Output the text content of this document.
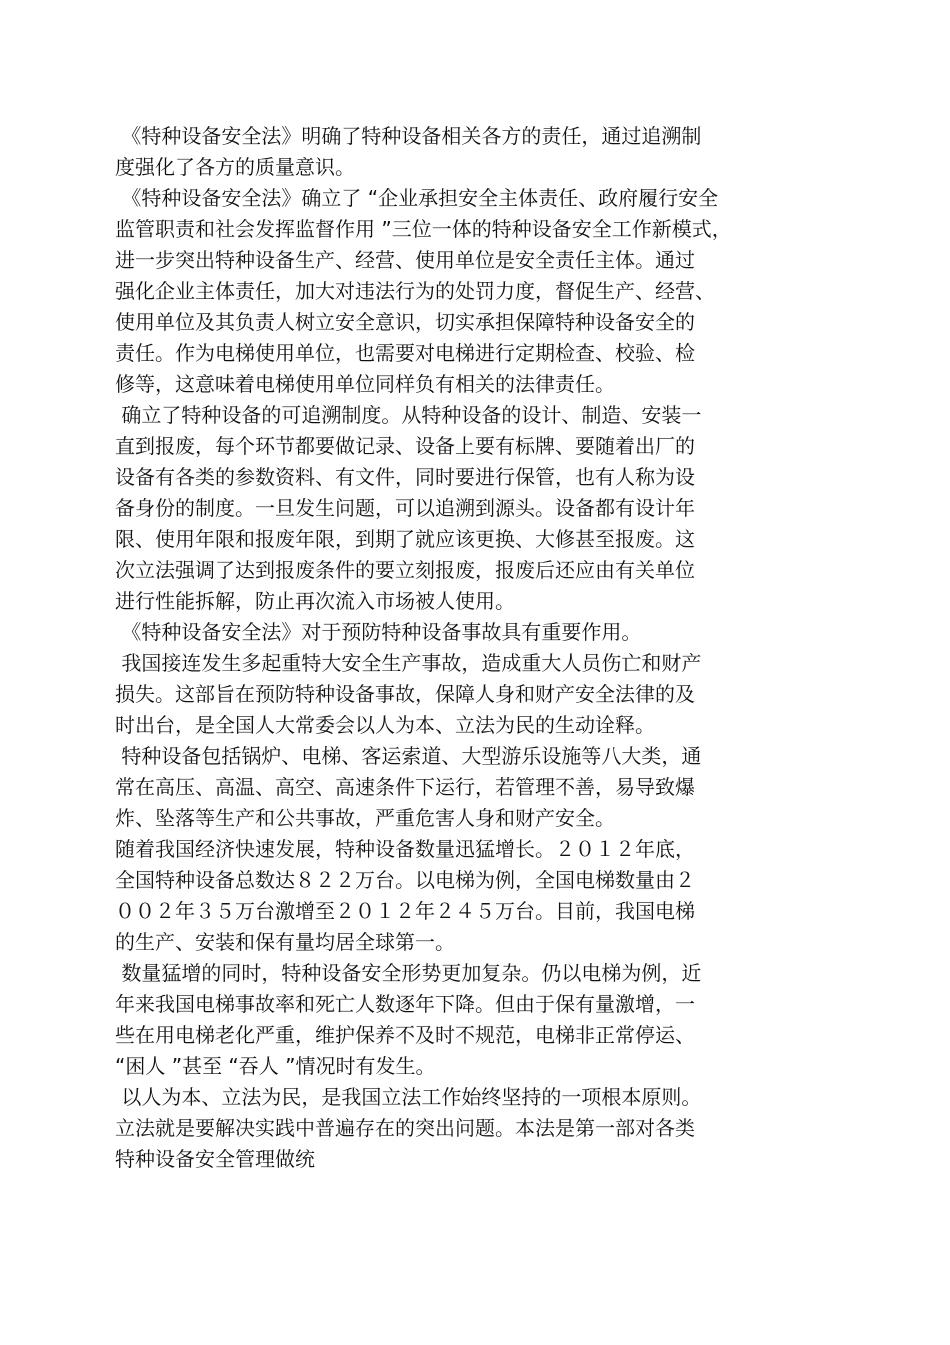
《特种设备安全法》明确了特种设备相关各方的责任，通过追溯制
度强化了各方的质量意识。
《特种设备安全法》确立了 “企业承担安全主体责任、政府履行安全
监管职责和社会发挥监督作用 ”三位一体的特种设备安全工作新模式，
进一步突出特种设备生产、经营、使用单位是安全责任主体。通过
强化企业主体责任，加大对违法行为的处罚力度，督促生产、经营、
使用单位及其负责人树立安全意识，切实承担保障特种设备安全的
责任。作为电梯使用单位，也需要对电梯进行定期检查、校验、检
修等，这意味着电梯使用单位同样负有相关的法律责任。
确立了特种设备的可追溯制度。从特种设备的设计、制造、安装一
直到报废，每个环节都要做记录、设备上要有标牌、要随着出厂的
设备有各类的参数资料、有文件，同时要进行保管，也有人称为设
备身份的制度。一旦发生问题，可以追溯到源头。设备都有设计年
限、使用年限和报废年限，到期了就应该更换、大修甚至报废。这
次立法强调了达到报废条件的要立刻报废，报废后还应由有关单位
进行性能拆解，防止再次流入市场被人使用。
《特种设备安全法》对于预防特种设备事故具有重要作用。
我国接连发生多起重特大安全生产事故，造成重大人员伤亡和财产
损失。这部旨在预防特种设备事故，保障人身和财产安全法律的及
时出台，是全国人大常委会以人为本、立法为民的生动诠释。
特种设备包括锅炉、电梯、客运索道、大型游乐设施等八大类，通
常在高压、高温、高空、高速条件下运行，若管理不善，易导致爆
炸、坠落等生产和公共事故，严重危害人身和财产安全。
随着我国经济快速发展，特种设备数量迅猛增长。２０１２年底，
全国特种设备总数达８２２万台。以电梯为例，全国电梯数量由２
００２年３５万台激增至２０１２年２４５万台。目前，我国电梯
的生产、安装和保有量均居全球第一。
数量猛增的同时，特种设备安全形势更加复杂。仍以电梯为例，近
年来我国电梯事故率和死亡人数逐年下降。但由于保有量激增，一
些在用电梯老化严重，维护保养不及时不规范，电梯非正常停运、
“困人 ”甚至 “吞人 ”情况时有发生。
以人为本、立法为民，是我国立法工作始终坚持的一项根本原则。
立法就是要解决实践中普遍存在的突出问题。本法是第一部对各类
特种设备安全管理做统
